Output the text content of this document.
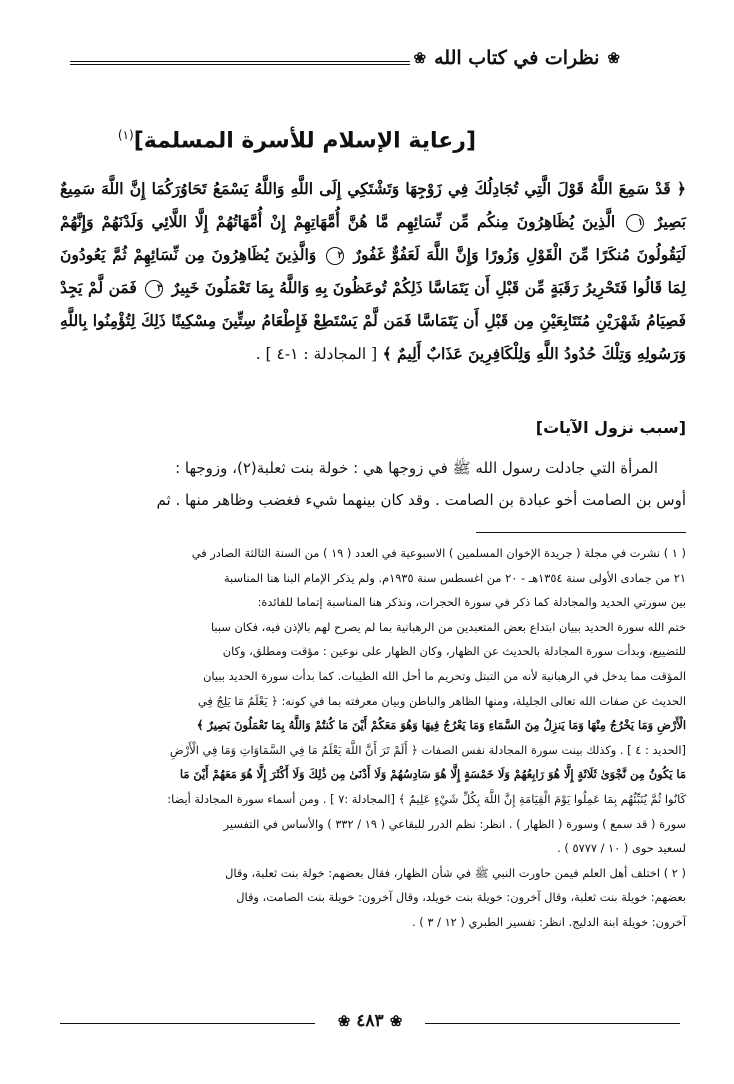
❀
نظرات في كتاب الله
❀
[رعاية الإسلام للأسرة المسلمة]$^{(١)}$
﴿ قَدْ سَمِعَ اللَّهُ قَوْلَ الَّتِي تُجَادِلُكَ فِي زَوْجِهَا وَتَشْتَكِي إِلَى اللَّهِ وَاللَّهُ يَسْمَعُ تَحَاوُرَكُمَا إِنَّ اللَّهَ سَمِيعٌ بَصِيرٌ ١ الَّذِينَ يُظَاهِرُونَ مِنكُم مِّن نِّسَائِهِم مَّا هُنَّ أُمَّهَاتِهِمْ إِنْ أُمَّهَاتُهُمْ إِلَّا اللَّائِي وَلَدْنَهُمْ وَإِنَّهُمْ لَيَقُولُونَ مُنكَرًا مِّنَ الْقَوْلِ وَزُورًا وَإِنَّ اللَّهَ لَعَفُوٌّ غَفُورٌ ٢ وَالَّذِينَ يُظَاهِرُونَ مِن نِّسَائِهِمْ ثُمَّ يَعُودُونَ لِمَا قَالُوا فَتَحْرِيرُ رَقَبَةٍ مِّن قَبْلِ أَن يَتَمَاسَّا ذَلِكُمْ تُوعَظُونَ بِهِ وَاللَّهُ بِمَا تَعْمَلُونَ خَبِيرٌ ٣ فَمَن لَّمْ يَجِدْ فَصِيَامُ شَهْرَيْنِ مُتَتَابِعَيْنِ مِن قَبْلِ أَن يَتَمَاسَّا فَمَن لَّمْ يَسْتَطِعْ فَإِطْعَامُ سِتِّينَ مِسْكِينًا ذَلِكَ لِتُؤْمِنُوا بِاللَّهِ وَرَسُولِهِ وَتِلْكَ حُدُودُ اللَّهِ وَلِلْكَافِرِينَ عَذَابٌ أَلِيمٌ ﴾ [ المجادلة : ١-٤ ] .
[سبب نزول الآيات]
المرأة التي جادلت رسول الله ﷺ في زوجها هي : خولة بنت ثعلبة(٢)، وزوجها :
أوس بن الصامت أخو عبادة بن الصامت . وقد كان بينهما شيء فغضب وظاهر منها . ثم
( ١ ) نشرت في مجلة ( جريدة الإخوان المسلمين ) الاسبوعية في العدد ( ١٩ ) من السنة الثالثة الصادر في
٢١ من جمادى الأولى سنة ١٣٥٤هـ - ٢٠ من اغسطس سنة ١٩٣٥م. ولم يذكر الإمام البنا هنا المناسبة
بين سورتي الحديد والمجادلة كما ذكر في سورة الحجرات، ونذكر هنا المناسبة إتماما للفائدة:
ختم الله سورة الحديد ببيان ابتداع بعض المتعبدين من الرهبانية بما لم يصرح لهم بالإذن فيه، فكان سببا
للتضييع، وبدأت سورة المجادلة بالحديث عن الظهار، وكان الظهار على نوعين : مؤقت ومطلق، وكان
المؤقت مما يدخل في الرهبانية لأنه من التبتل وتحريم ما أحل الله الطيبات. كما بدأت سورة الحديد ببيان
الحديث عن صفات الله تعالى الجليلة، ومنها الظاهر والباطن وبيان معرفته بما في كونه: ﴿ يَعْلَمُ مَا يَلِجُ فِي
الْأَرْضِ وَمَا يَخْرُجُ مِنْهَا وَمَا يَنزِلُ مِنَ السَّمَاءِ وَمَا يَعْرُجُ فِيهَا وَهُوَ مَعَكُمْ أَيْنَ مَا كُنتُمْ وَاللَّهُ بِمَا تَعْمَلُونَ بَصِيرٌ ﴾
[الحديد : ٤ ] . وكذلك بينت سورة المجادلة نفس الصفات ﴿ أَلَمْ تَرَ أَنَّ اللَّهَ يَعْلَمُ مَا فِي السَّمَاوَاتِ وَمَا فِي الْأَرْضِ
مَا يَكُونُ مِن نَّجْوَىٰ ثَلَاثَةٍ إِلَّا هُوَ رَابِعُهُمْ وَلَا خَمْسَةٍ إِلَّا هُوَ سَادِسُهُمْ وَلَا أَدْنَىٰ مِن ذَٰلِكَ وَلَا أَكْثَرَ إِلَّا هُوَ مَعَهُمْ أَيْنَ مَا
كَانُوا ثُمَّ يُنَبِّئُهُم بِمَا عَمِلُوا يَوْمَ الْقِيَامَةِ إِنَّ اللَّهَ بِكُلِّ شَيْءٍ عَلِيمٌ ﴾ [المجادلة :٧ ] . ومن أسماء سورة المجادلة أيضا:
سورة ( قد سمع ) وسورة ( الظهار ) . انظر: نظم الدرر للبقاعي ( ١٩ / ٣٣٢ ) والأساس في التفسير
لسعيد حوى ( ١٠ / ٥٧٧٧ ) .
( ٢ ) اختلف أهل العلم فيمن حاورت النبي ﷺ في شأن الظهار، فقال بعضهم: خولة بنت ثعلبة، وقال
بعضهم: خويلة بنت ثعلبة، وقال آخرون: خويلة بنت خويلد، وقال آخرون: خويلة بنت الصامت، وقال
آخرون: خويلة ابنة الدليج. انظر: تفسير الطبري ( ١٢ / ٣ ) .
❀
٤٨٣
❀
